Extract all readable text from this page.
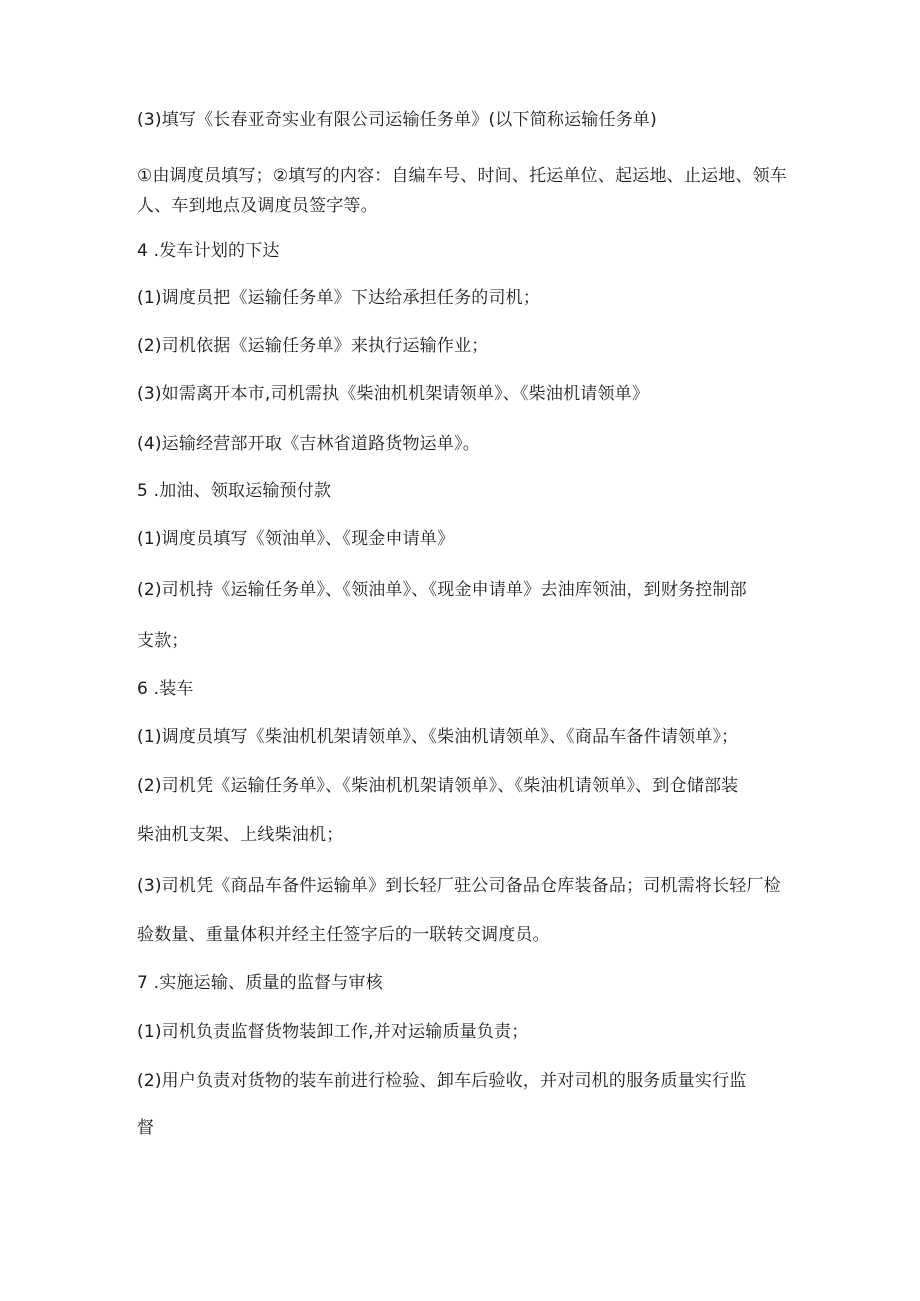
(3)填写《长春亚奇实业有限公司运输任务单》(以下简称运输任务单)
①由调度员填写；②填写的内容：自编车号、时间、托运单位、起运地、止运地、领车
人、车到地点及调度员签字等。
4 .发车计划的下达
(1)调度员把《运输任务单》下达给承担任务的司机；
(2)司机依据《运输任务单》来执行运输作业；
(3)如需离开本市,司机需执《柴油机机架请领单》、《柴油机请领单》
(4)运输经营部开取《吉林省道路货物运单》。
5 .加油、领取运输预付款
(1)调度员填写《领油单》、《现金申请单》
(2)司机持《运输任务单》、《领油单》、《现金申请单》去油库领油，到财务控制部
支款；
6 .装车
(1)调度员填写《柴油机机架请领单》、《柴油机请领单》、《商品车备件请领单》；
(2)司机凭《运输任务单》、《柴油机机架请领单》、《柴油机请领单》、到仓储部装
柴油机支架、上线柴油机；
(3)司机凭《商品车备件运输单》到长轻厂驻公司备品仓库装备品；司机需将长轻厂检
验数量、重量体积并经主任签字后的一联转交调度员。
7 .实施运输、质量的监督与审核
(1)司机负责监督货物装卸工作,并对运输质量负责；
(2)用户负责对货物的装车前进行检验、卸车后验收，并对司机的服务质量实行监
督
